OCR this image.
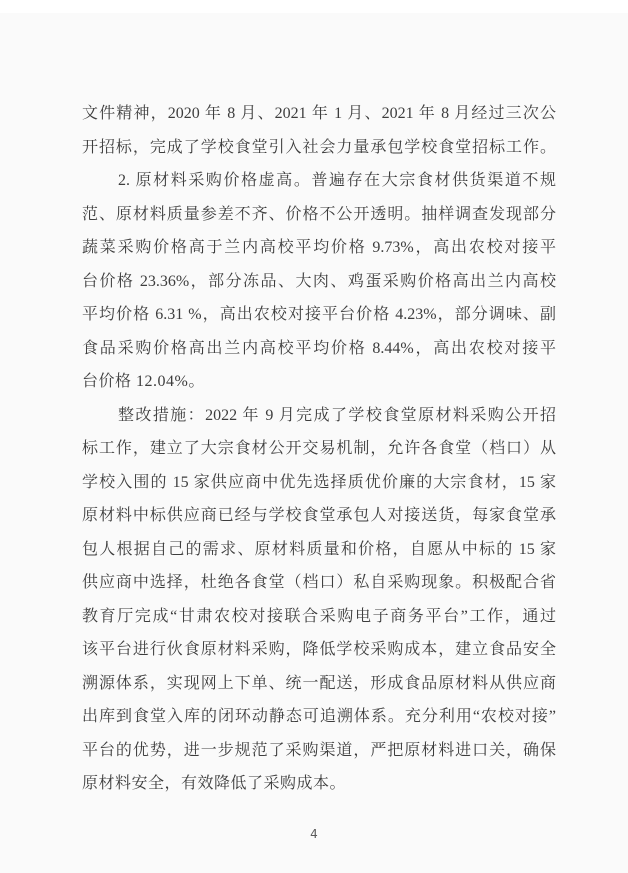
文件精神，2020 年 8 月、2021 年 1 月、2021 年 8 月经过三次公
开招标，完成了学校食堂引入社会力量承包学校食堂招标工作。
2. 原材料采购价格虚高。普遍存在大宗食材供货渠道不规
范、原材料质量参差不齐、价格不公开透明。抽样调查发现部分
蔬菜采购价格高于兰内高校平均价格 9.73%，高出农校对接平
台价格 23.36%，部分冻品、大肉、鸡蛋采购价格高出兰内高校
平均价格 6.31 %，高出农校对接平台价格 4.23%，部分调味、副
食品采购价格高出兰内高校平均价格 8.44%，高出农校对接平
台价格 12.04%。
整改措施：2022 年 9 月完成了学校食堂原材料采购公开招
标工作，建立了大宗食材公开交易机制，允许各食堂（档口）从
学校入围的 15 家供应商中优先选择质优价廉的大宗食材，15 家
原材料中标供应商已经与学校食堂承包人对接送货，每家食堂承
包人根据自己的需求、原材料质量和价格，自愿从中标的 15 家
供应商中选择，杜绝各食堂（档口）私自采购现象。积极配合省
教育厅完成“甘肃农校对接联合采购电子商务平台”工作，通过
该平台进行伙食原材料采购，降低学校采购成本，建立食品安全
溯源体系，实现网上下单、统一配送，形成食品原材料从供应商
出库到食堂入库的闭环动静态可追溯体系。充分利用“农校对接”
平台的优势，进一步规范了采购渠道，严把原材料进口关，确保
原材料安全，有效降低了采购成本。
4
